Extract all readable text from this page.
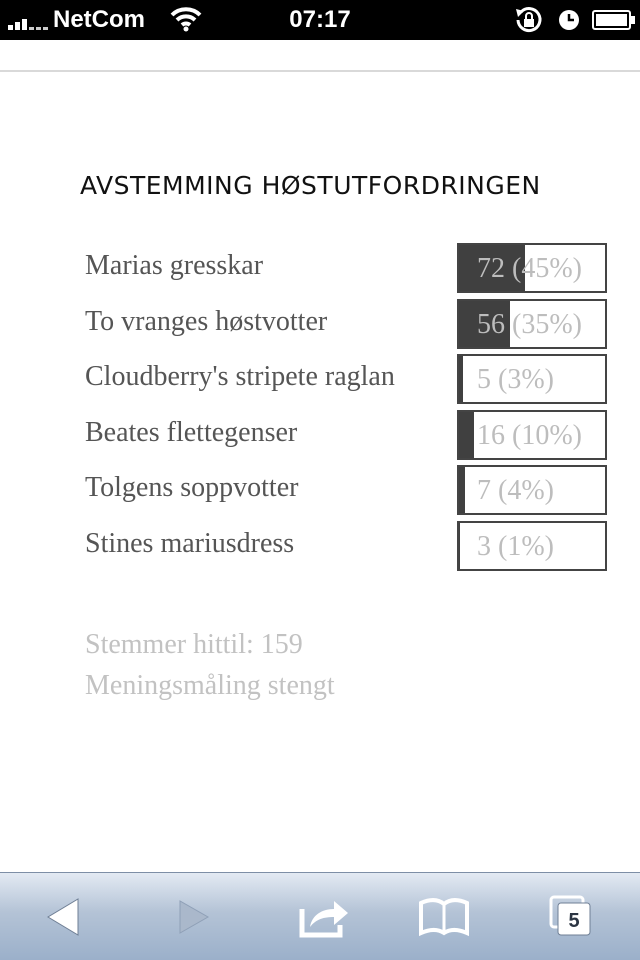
NetCom	07:17
AVSTEMMING HØSTUTFORDRINGEN
Marias gresskar	72 (45%)
To vranges høstvotter	56 (35%)
Cloudberry's stripete raglan	5 (3%)
Beates flettegenser	16 (10%)
Tolgens soppvotter	7 (4%)
Stines mariusdress	3 (1%)
Stemmer hittil: 159
Meningsmåling stengt
5
